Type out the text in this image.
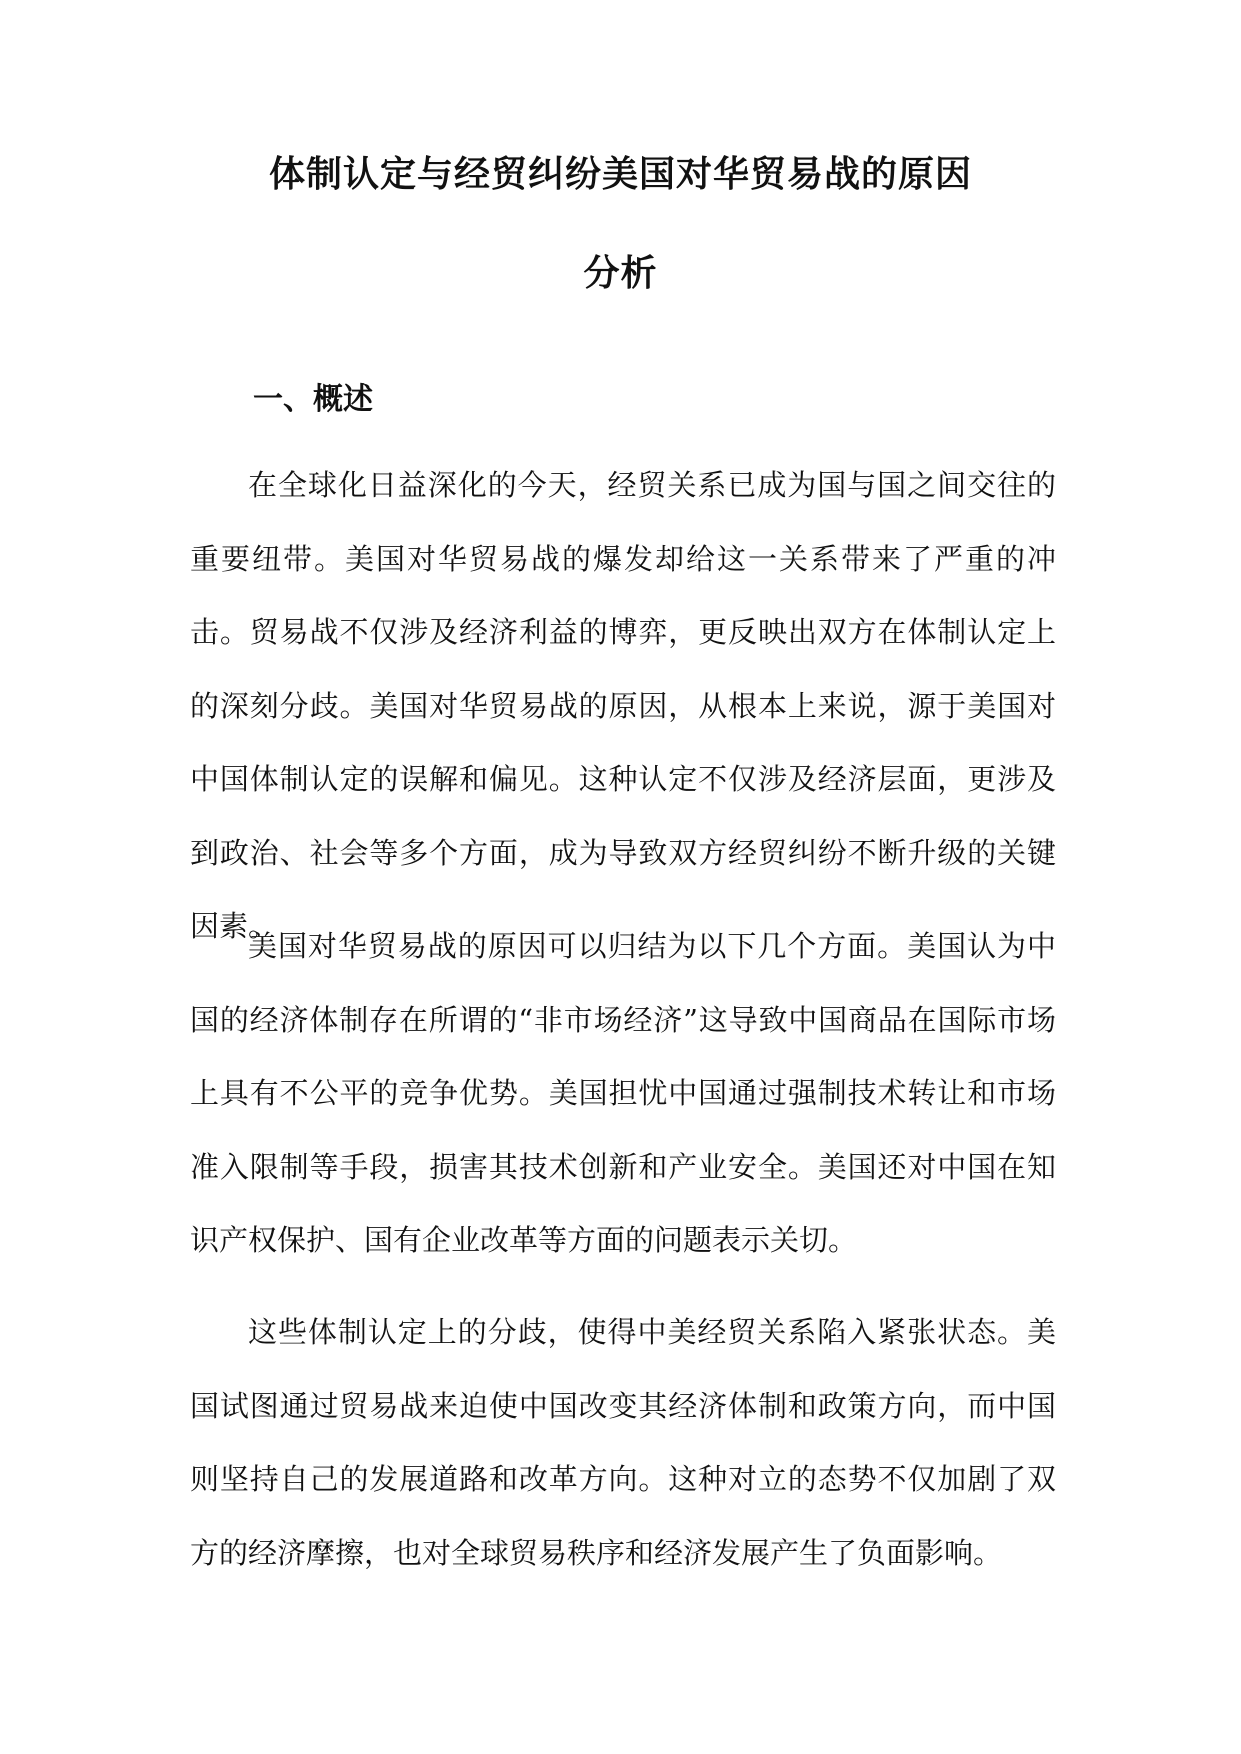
体制认定与经贸纠纷美国对华贸易战的原因
分析
一、概述

在全球化日益深化的今天，经贸关系已成为国与国之间交往的重要纽带。美国对华贸易战的爆发却给这一关系带来了严重的冲击。贸易战不仅涉及经济利益的博弈，更反映出双方在体制认定上的深刻分歧。美国对华贸易战的原因，从根本上来说，源于美国对中国体制认定的误解和偏见。这种认定不仅涉及经济层面，更涉及到政治、社会等多个方面，成为导致双方经贸纠纷不断升级的关键因素。

美国对华贸易战的原因可以归结为以下几个方面。美国认为中国的经济体制存在所谓的“非市场经济”这导致中国商品在国际市场上具有不公平的竞争优势。美国担忧中国通过强制技术转让和市场准入限制等手段，损害其技术创新和产业安全。美国还对中国在知识产权保护、国有企业改革等方面的问题表示关切。

这些体制认定上的分歧，使得中美经贸关系陷入紧张状态。美国试图通过贸易战来迫使中国改变其经济体制和政策方向，而中国则坚持自己的发展道路和改革方向。这种对立的态势不仅加剧了双方的经济摩擦，也对全球贸易秩序和经济发展产生了负面影响。
